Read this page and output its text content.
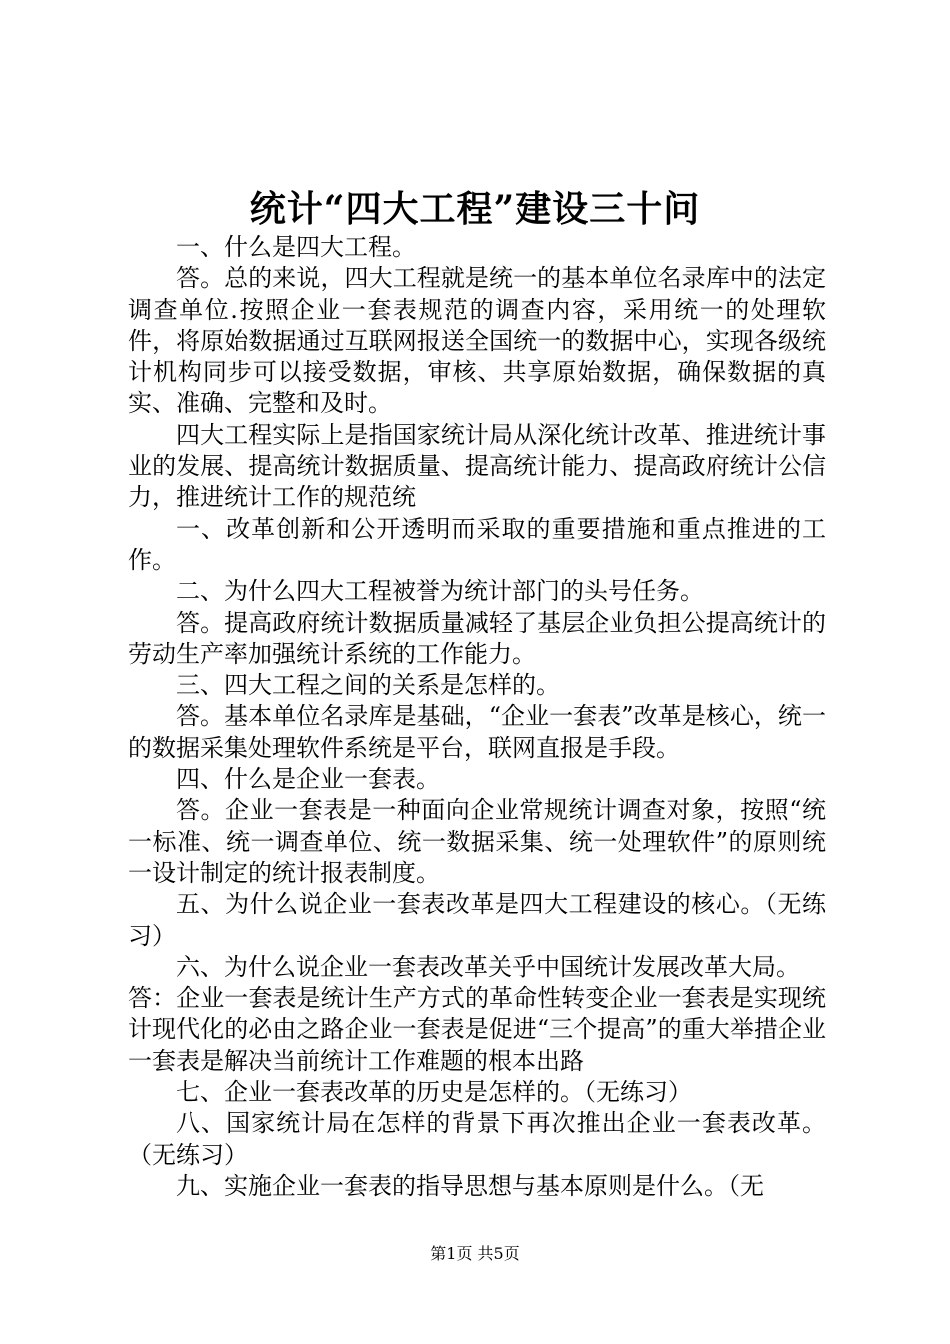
统计“四大工程”建设三十问

一、什么是四大工程。

答。总的来说，四大工程就是统一的基本单位名录库中的法定调查单位.按照企业一套表规范的调查内容，采用统一的处理软件，将原始数据通过互联网报送全国统一的数据中心，实现各级统计机构同步可以接受数据，审核、共享原始数据，确保数据的真实、准确、完整和及时。

四大工程实际上是指国家统计局从深化统计改革、推进统计事业的发展、提高统计数据质量、提高统计能力、提高政府统计公信力，推进统计工作的规范统

一、改革创新和公开透明而采取的重要措施和重点推进的工作。

二、为什么四大工程被誉为统计部门的头号任务。

答。提高政府统计数据质量减轻了基层企业负担公提高统计的劳动生产率加强统计系统的工作能力。

三、四大工程之间的关系是怎样的。

答。基本单位名录库是基础，“企业一套表”改革是核心，统一的数据采集处理软件系统是平台，联网直报是手段。

四、什么是企业一套表。

答。企业一套表是一种面向企业常规统计调查对象，按照“统一标准、统一调查单位、统一数据采集、统一处理软件”的原则统一设计制定的统计报表制度。

五、为什么说企业一套表改革是四大工程建设的核心。（无练习）

六、为什么说企业一套表改革关乎中国统计发展改革大局。

答：企业一套表是统计生产方式的革命性转变企业一套表是实现统计现代化的必由之路企业一套表是促进“三个提高”的重大举措企业一套表是解决当前统计工作难题的根本出路

七、企业一套表改革的历史是怎样的。（无练习）

八、国家统计局在怎样的背景下再次推出企业一套表改革。（无练习）

九、实施企业一套表的指导思想与基本原则是什么。（无

第1页 共5页
